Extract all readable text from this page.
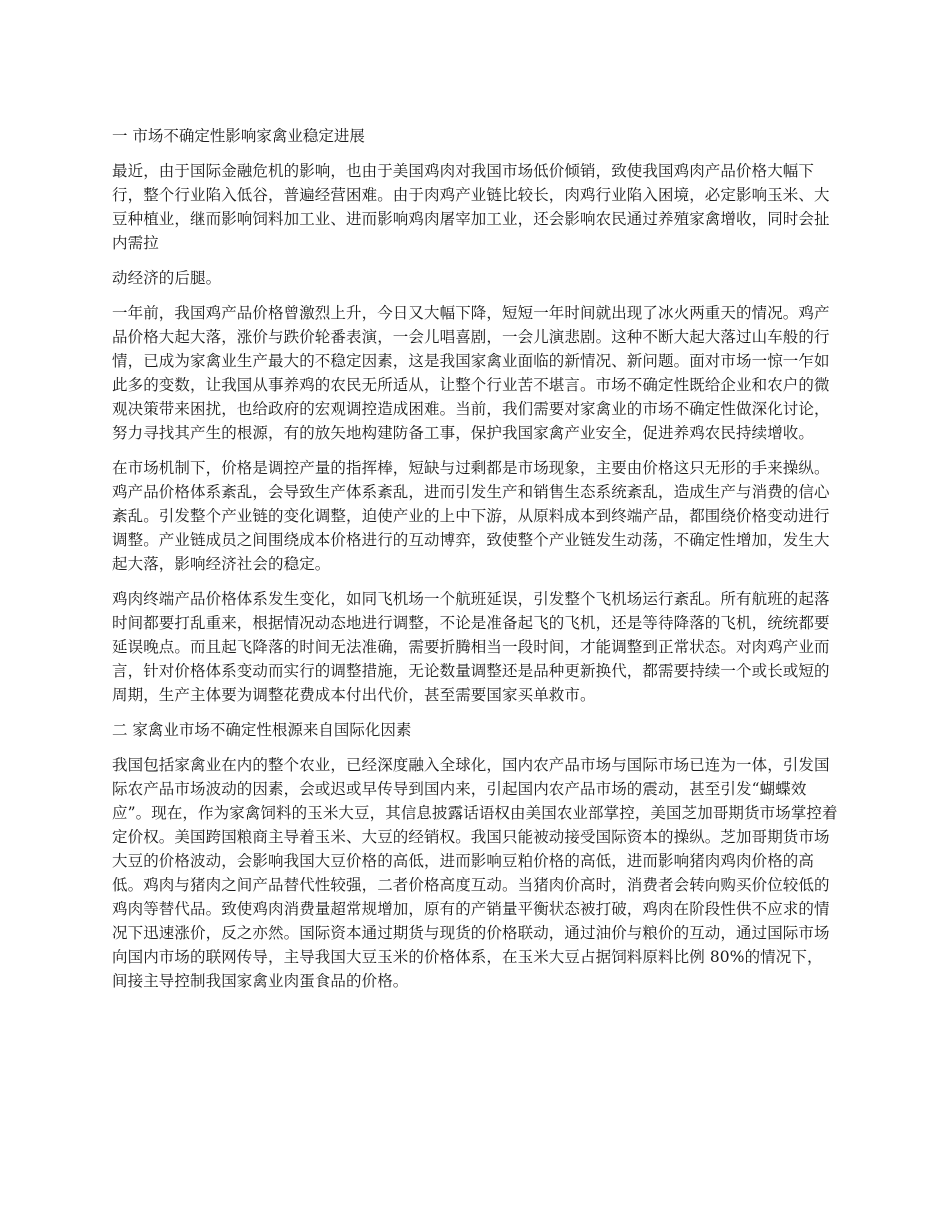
一 市场不确定性影响家禽业稳定进展

最近，由于国际金融危机的影响，也由于美国鸡肉对我国市场低价倾销，致使我国鸡肉产品价格大幅下行，整个行业陷入低谷，普遍经营困难。由于肉鸡产业链比较长，肉鸡行业陷入困境，必定影响玉米、大豆种植业，继而影响饲料加工业、进而影响鸡肉屠宰加工业，还会影响农民通过养殖家禽增收，同时会扯内需拉

动经济的后腿。

一年前，我国鸡产品价格曾激烈上升，今日又大幅下降，短短一年时间就出现了冰火两重天的情况。鸡产品价格大起大落，涨价与跌价轮番表演，一会儿唱喜剧，一会儿演悲剧。这种不断大起大落过山车般的行情，已成为家禽业生产最大的不稳定因素，这是我国家禽业面临的新情况、新问题。面对市场一惊一乍如此多的变数，让我国从事养鸡的农民无所适从，让整个行业苦不堪言。市场不确定性既给企业和农户的微观决策带来困扰，也给政府的宏观调控造成困难。当前，我们需要对家禽业的市场不确定性做深化讨论，努力寻找其产生的根源，有的放矢地构建防备工事，保护我国家禽产业安全，促进养鸡农民持续增收。

在市场机制下，价格是调控产量的指挥棒，短缺与过剩都是市场现象，主要由价格这只无形的手来操纵。鸡产品价格体系紊乱，会导致生产体系紊乱，进而引发生产和销售生态系统紊乱，造成生产与消费的信心紊乱。引发整个产业链的变化调整，迫使产业的上中下游，从原料成本到终端产品，都围绕价格变动进行调整。产业链成员之间围绕成本价格进行的互动博弈，致使整个产业链发生动荡，不确定性增加，发生大起大落，影响经济社会的稳定。

鸡肉终端产品价格体系发生变化，如同飞机场一个航班延误，引发整个飞机场运行紊乱。所有航班的起落时间都要打乱重来，根据情况动态地进行调整，不论是准备起飞的飞机，还是等待降落的飞机，统统都要延误晚点。而且起飞降落的时间无法准确，需要折腾相当一段时间，才能调整到正常状态。对肉鸡产业而言，针对价格体系变动而实行的调整措施，无论数量调整还是品种更新换代，都需要持续一个或长或短的周期，生产主体要为调整花费成本付出代价，甚至需要国家买单救市。

二 家禽业市场不确定性根源来自国际化因素

我国包括家禽业在内的整个农业，已经深度融入全球化，国内农产品市场与国际市场已连为一体，引发国际农产品市场波动的因素，会或迟或早传导到国内来，引起国内农产品市场的震动，甚至引发“蝴蝶效应”。现在，作为家禽饲料的玉米大豆，其信息披露话语权由美国农业部掌控，美国芝加哥期货市场掌控着定价权。美国跨国粮商主导着玉米、大豆的经销权。我国只能被动接受国际资本的操纵。芝加哥期货市场大豆的价格波动，会影响我国大豆价格的高低，进而影响豆粕价格的高低，进而影响猪肉鸡肉价格的高低。鸡肉与猪肉之间产品替代性较强，二者价格高度互动。当猪肉价高时，消费者会转向购买价位较低的鸡肉等替代品。致使鸡肉消费量超常规增加，原有的产销量平衡状态被打破，鸡肉在阶段性供不应求的情况下迅速涨价，反之亦然。国际资本通过期货与现货的价格联动，通过油价与粮价的互动，通过国际市场向国内市场的联网传导，主导我国大豆玉米的价格体系，在玉米大豆占据饲料原料比例 80%的情况下，间接主导控制我国家禽业肉蛋食品的价格。
